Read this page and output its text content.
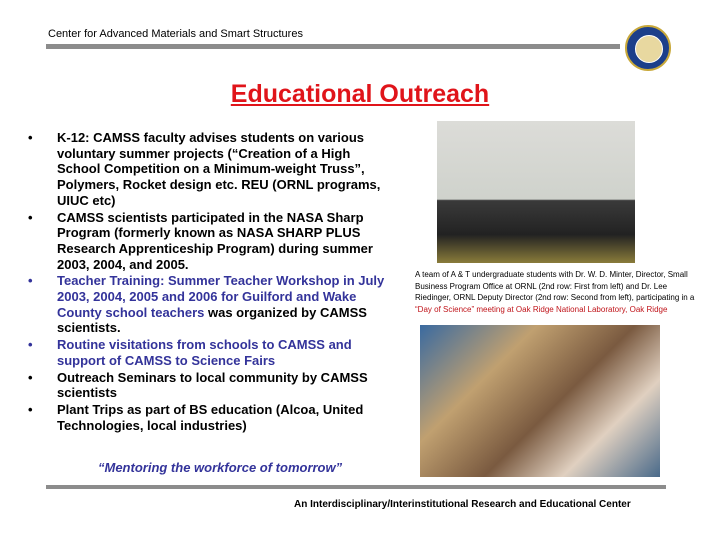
Center for Advanced Materials and Smart Structures
Educational Outreach
• K-12: CAMSS faculty advises students on various voluntary summer projects (“Creation of a High School Competition on a Minimum-weight Truss”, Polymers, Rocket design etc. REU (ORNL programs, UIUC etc)
• CAMSS scientists participated in the NASA Sharp Program (formerly known as NASA SHARP PLUS Research Apprenticeship Program) during summer 2003, 2004, and 2005.
• Teacher Training: Summer Teacher Workshop in July 2003, 2004, 2005 and 2006 for Guilford and Wake County school teachers was organized by CAMSS scientists.
• Routine visitations from schools to CAMSS and support of CAMSS to Science Fairs
• Outreach Seminars to local community by CAMSS scientists
• Plant Trips as part of BS education (Alcoa, United Technologies, local industries)
A team of A & T undergraduate students with Dr. W. D. Minter, Director, Small Business Program Office at ORNL (2nd row: First from left) and Dr. Lee Riedinger, ORNL Deputy Director (2nd row: Second from left), participating in a “Day of Science” meeting at Oak Ridge National Laboratory, Oak Ridge
“Mentoring the workforce of tomorrow”
An Interdisciplinary/Interinstitutional Research and Educational Center
